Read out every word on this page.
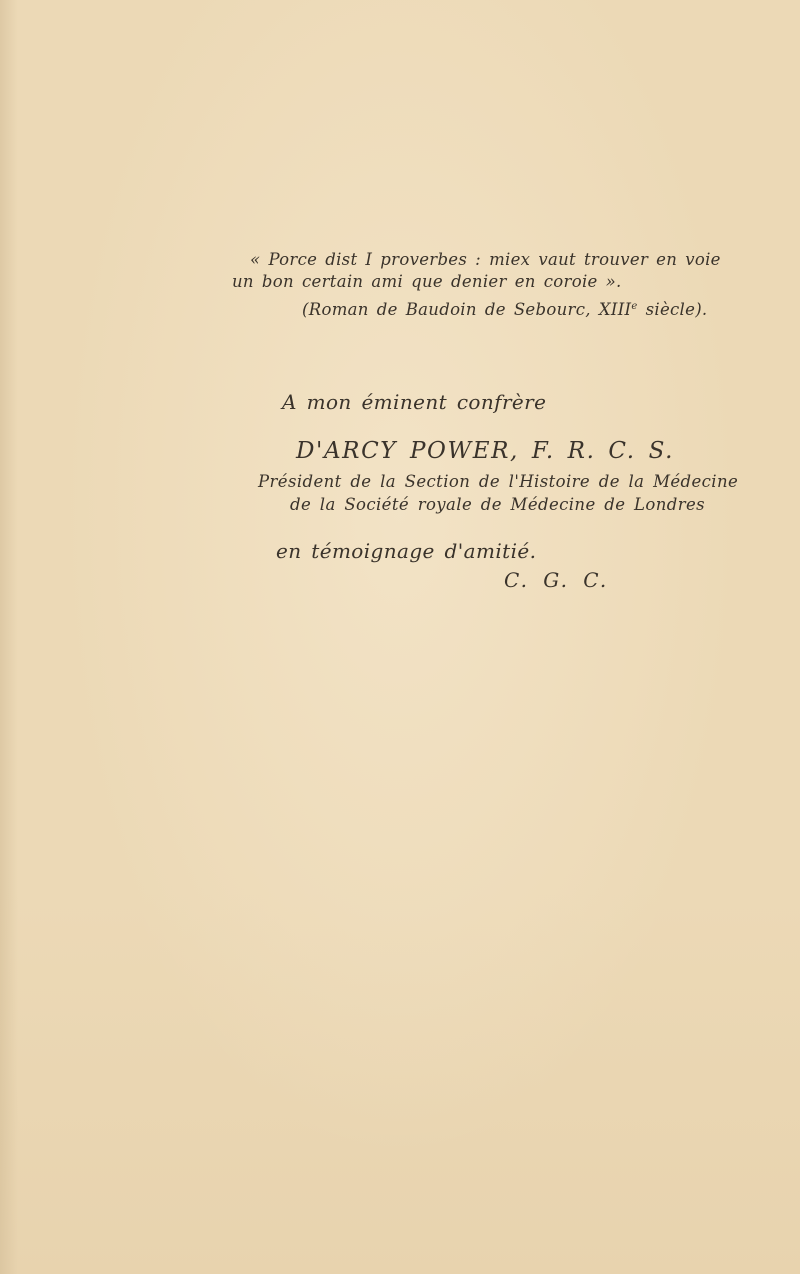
« Porce dist I proverbes : miex vaut trouver en voie

un bon certain ami que denier en coroie ».

(Roman de Baudoin de Sebourc, XIIIe siècle).

A mon éminent confrère

D'ARCY POWER, F. R. C. S.

Président de la Section de l'Histoire de la Médecine

de la Société royale de Médecine de Londres

en témoignage d'amitié.

C. G. C.
